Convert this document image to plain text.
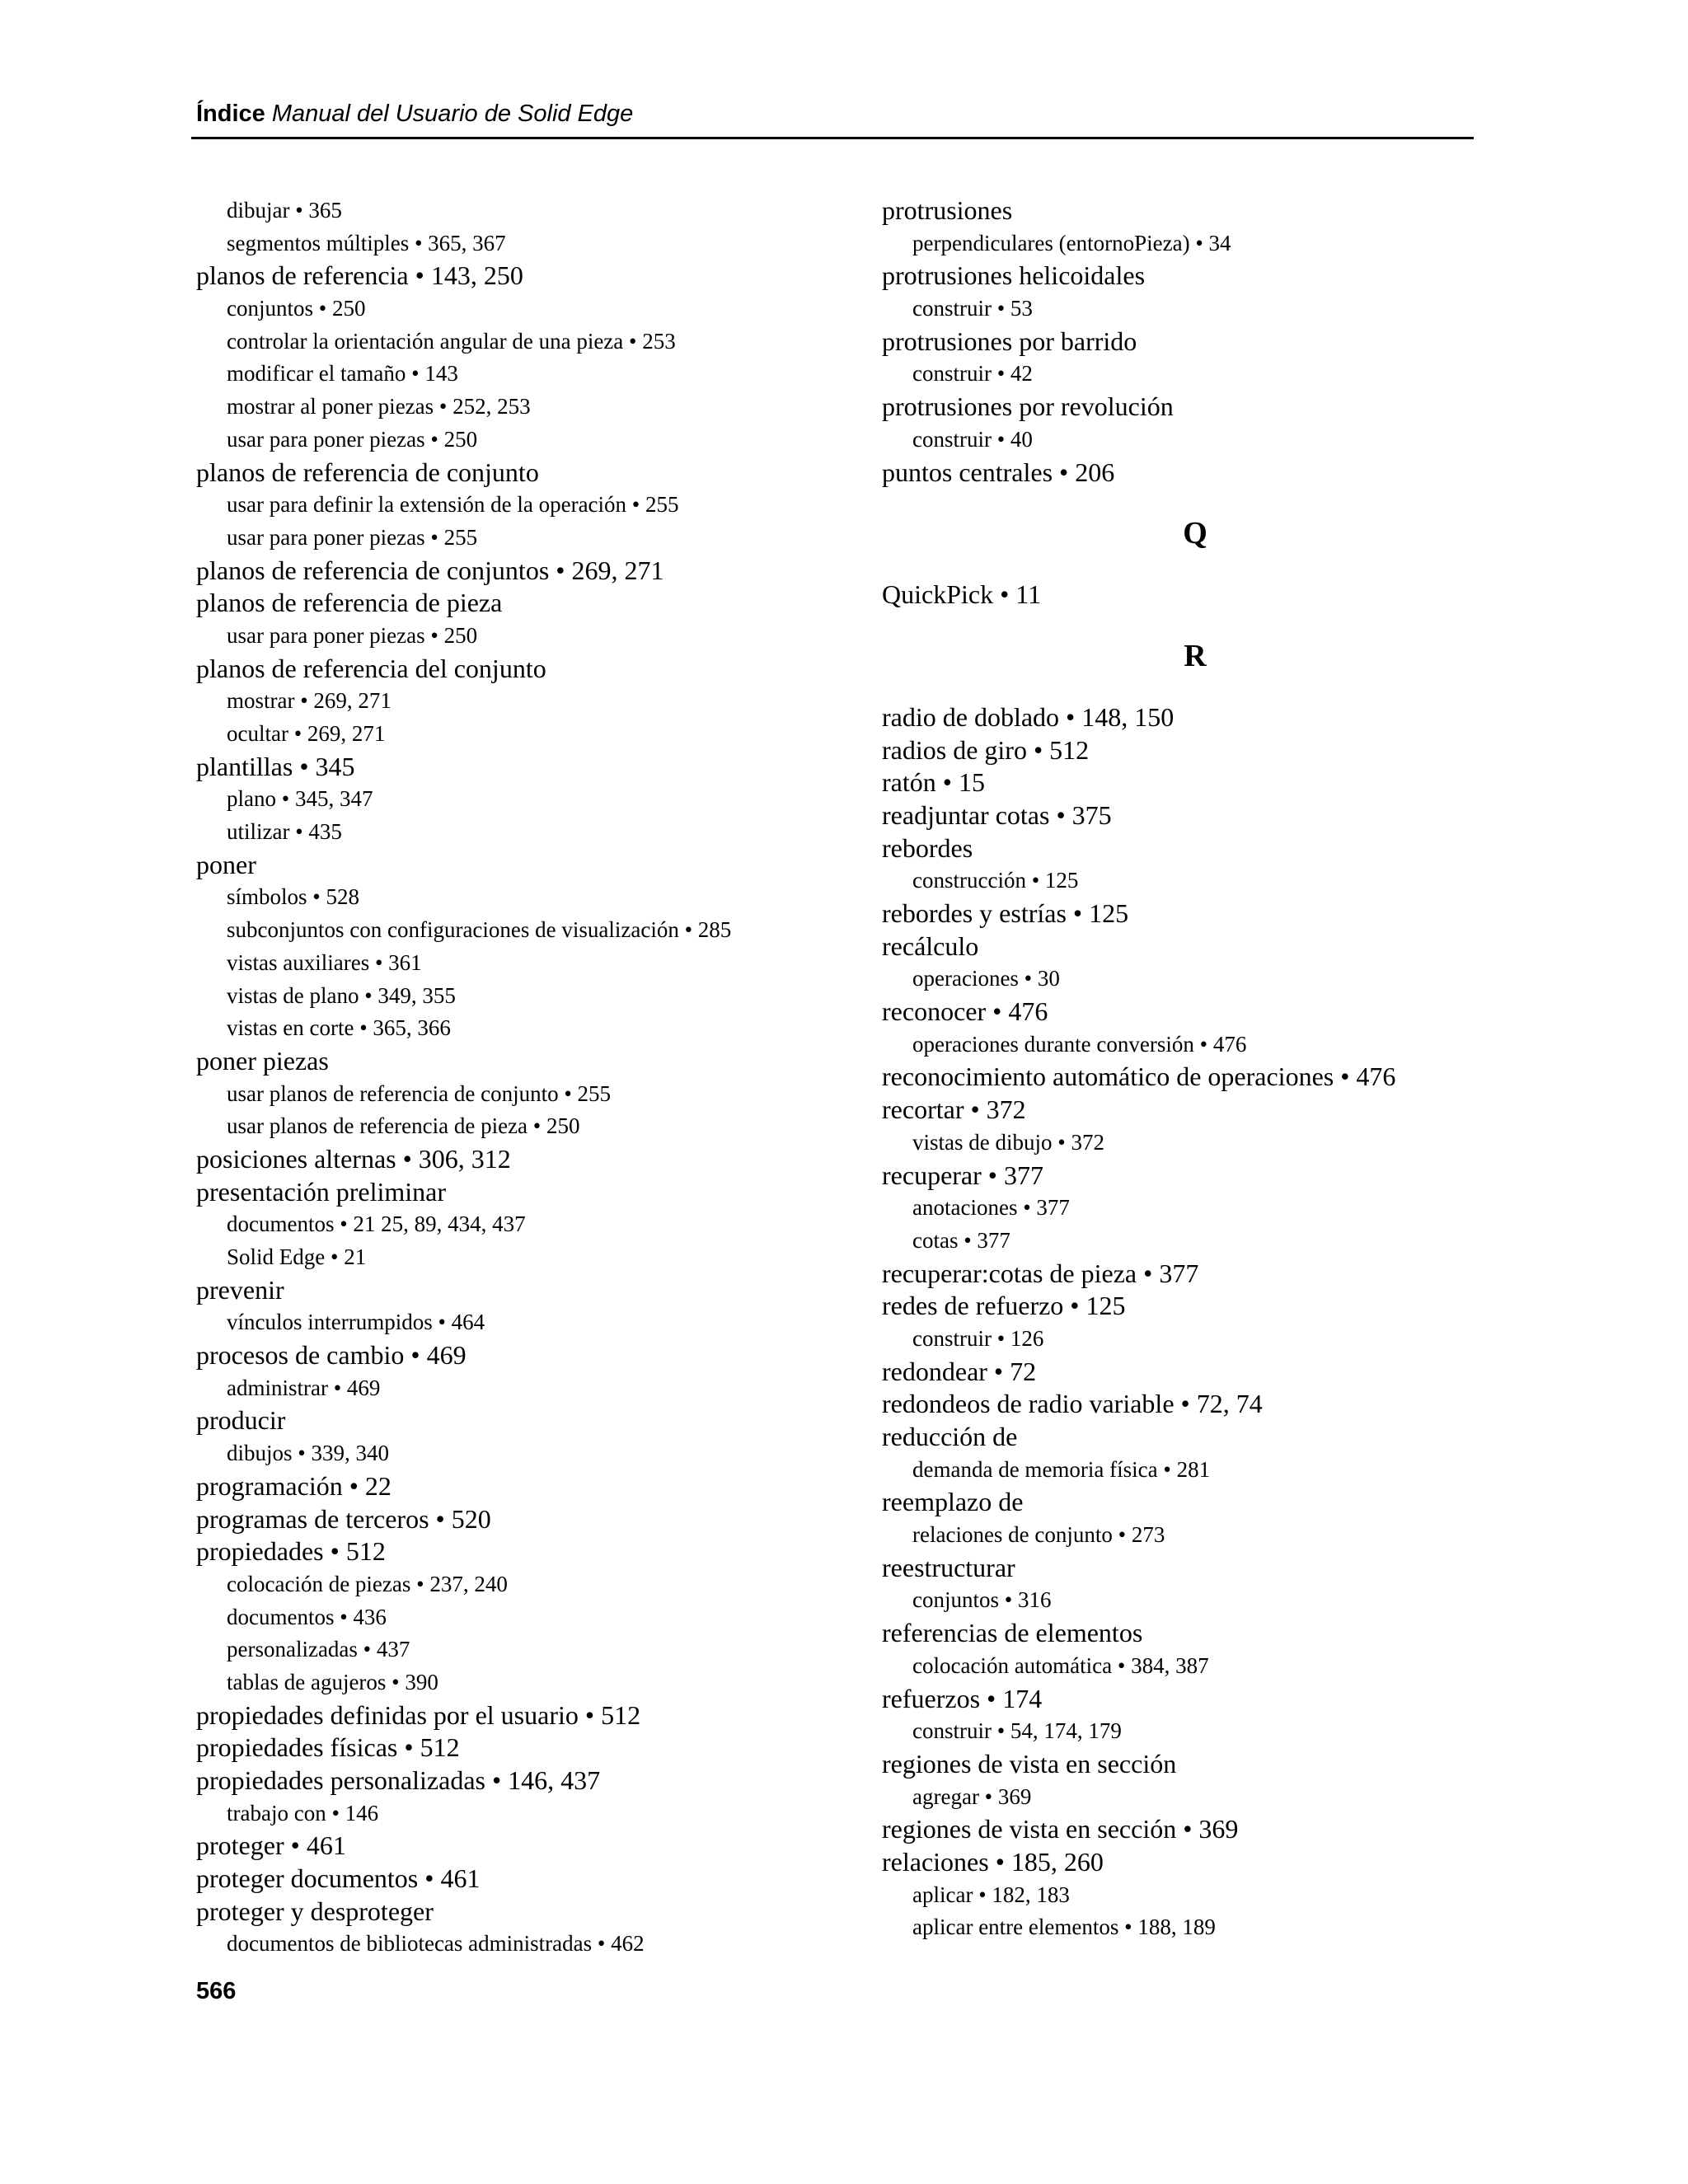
Índice Manual del Usuario de Solid Edge
dibujar • 365
segmentos múltiples • 365, 367
planos de referencia • 143, 250
conjuntos • 250
controlar la orientación angular de una pieza • 253
modificar el tamaño • 143
mostrar al poner piezas • 252, 253
usar para poner piezas • 250
planos de referencia de conjunto
usar para definir la extensión de la operación • 255
usar para poner piezas • 255
planos de referencia de conjuntos • 269, 271
planos de referencia de pieza
usar para poner piezas • 250
planos de referencia del conjunto
mostrar • 269, 271
ocultar • 269, 271
plantillas • 345
plano • 345, 347
utilizar • 435
poner
símbolos • 528
subconjuntos con configuraciones de visualización • 285
vistas auxiliares • 361
vistas de plano • 349, 355
vistas en corte • 365, 366
poner piezas
usar planos de referencia de conjunto • 255
usar planos de referencia de pieza • 250
posiciones alternas • 306, 312
presentación preliminar
documentos • 21 25, 89, 434, 437
Solid Edge • 21
prevenir
vínculos interrumpidos • 464
procesos de cambio • 469
administrar • 469
producir
dibujos • 339, 340
programación • 22
programas de terceros • 520
propiedades • 512
colocación de piezas • 237, 240
documentos • 436
personalizadas • 437
tablas de agujeros • 390
propiedades definidas por el usuario • 512
propiedades físicas • 512
propiedades personalizadas • 146, 437
trabajo con • 146
proteger • 461
proteger documentos • 461
proteger y desproteger
documentos de bibliotecas administradas • 462
protrusiones
perpendiculares (entornoPieza) • 34
protrusiones helicoidales
construir • 53
protrusiones por barrido
construir • 42
protrusiones por revolución
construir • 40
puntos centrales • 206
Q
QuickPick • 11
R
radio de doblado • 148, 150
radios de giro • 512
ratón • 15
readjuntar cotas • 375
rebordes
construcción • 125
rebordes y estrías • 125
recálculo
operaciones • 30
reconocer • 476
operaciones durante conversión • 476
reconocimiento automático de operaciones • 476
recortar • 372
vistas de dibujo • 372
recuperar • 377
anotaciones • 377
cotas • 377
recuperar:cotas de pieza • 377
redes de refuerzo • 125
construir • 126
redondear • 72
redondeos de radio variable • 72, 74
reducción de
demanda de memoria física • 281
reemplazo de
relaciones de conjunto • 273
reestructurar
conjuntos • 316
referencias de elementos
colocación automática • 384, 387
refuerzos • 174
construir • 54, 174, 179
regiones de vista en sección
agregar • 369
regiones de vista en sección • 369
relaciones • 185, 260
aplicar • 182, 183
aplicar entre elementos • 188, 189
566
